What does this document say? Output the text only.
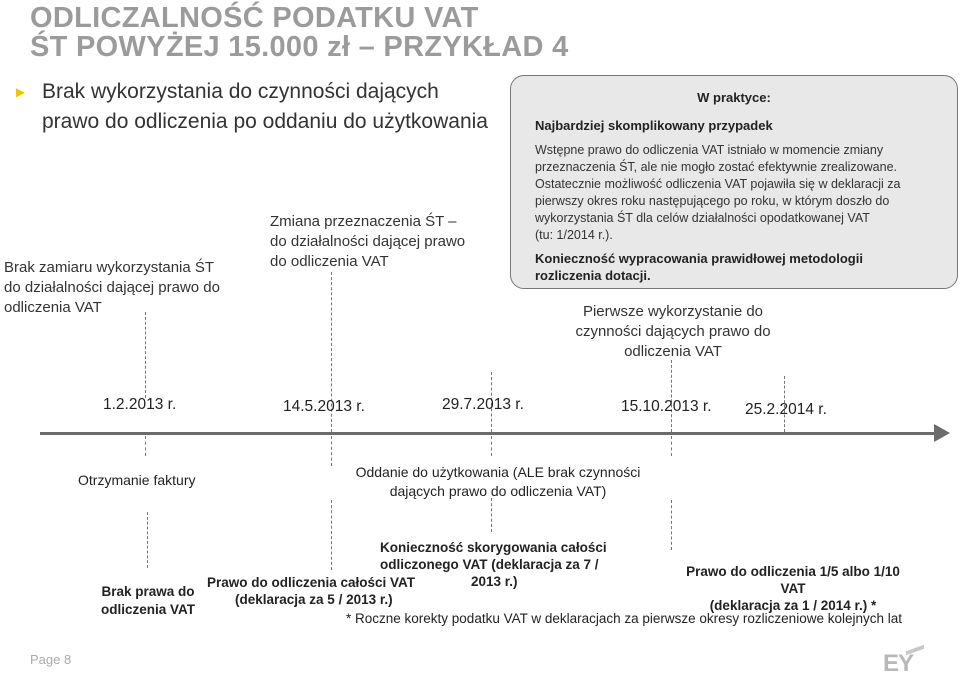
ODLICZALNOŚĆ PODATKU VAT
ŚT POWYŻEJ 15.000 zł – PRZYKŁAD 4
► Brak wykorzystania do czynności dających
prawo do odliczenia po oddaniu do użytkowania
Brak zamiaru wykorzystania ŚT
do działalności dającej prawo do
odliczenia VAT
Zmiana przeznaczenia ŚT –
do działalności dającej prawo
do odliczenia VAT
W praktyce:
Najbardziej skomplikowany przypadek
Wstępne prawo do odliczenia VAT istniało w momencie zmiany
przeznaczenia ŚT, ale nie mogło zostać efektywnie zrealizowane.
Ostatecznie możliwość odliczenia VAT pojawiła się w deklaracji za
pierwszy okres roku następującego po roku, w którym doszło do
wykorzystania ŚT dla celów działalności opodatkowanej VAT
(tu: 1/2014 r.).
Konieczność wypracowania prawidłowej metodologii
rozliczenia dotacji.
Pierwsze wykorzystanie do
czynności dających prawo do
odliczenia VAT
1.2.2013 r.	14.5.2013 r.	29.7.2013 r.	15.10.2013 r. 25.2.2014 r.
Otrzymanie faktury	Oddanie do użytkowania (ALE brak czynności
dających prawo do odliczenia VAT)
Brak prawa do
odliczenia VAT
Konieczność skorygowania całości
odliczonego VAT (deklaracja za 7 /
2013 r.)
Prawo do odliczenia całości VAT
(deklaracja za 5 / 2013 r.)
Prawo do odliczenia 1/5 albo 1/10
VAT
(deklaracja za 1 / 2014 r.) *
* Roczne korekty podatku VAT w deklaracjach za pierwsze okresy rozliczeniowe kolejnych lat
Page 8	EY
